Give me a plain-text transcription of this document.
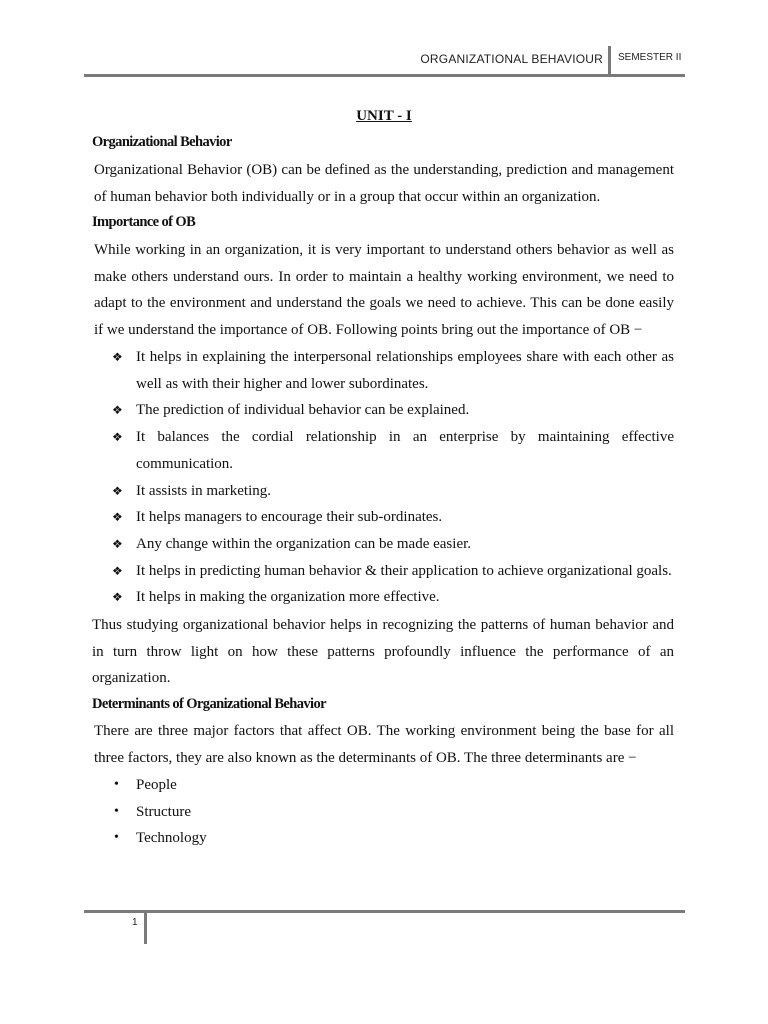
ORGANIZATIONAL BEHAVIOUR SEMESTER II
UNIT - I
Organizational Behavior
Organizational Behavior (OB) can be defined as the understanding, prediction and management of human behavior both individually or in a group that occur within an organization.
Importance of OB
While working in an organization, it is very important to understand others behavior as well as make others understand ours. In order to maintain a healthy working environment, we need to adapt to the environment and understand the goals we need to achieve. This can be done easily if we understand the importance of OB. Following points bring out the importance of OB −
❖ It helps in explaining the interpersonal relationships employees share with each other as well as with their higher and lower subordinates.
❖ The prediction of individual behavior can be explained.
❖ It balances the cordial relationship in an enterprise by maintaining effective communication.
❖ It assists in marketing.
❖ It helps managers to encourage their sub-ordinates.
❖ Any change within the organization can be made easier.
❖ It helps in predicting human behavior & their application to achieve organizational goals.
❖ It helps in making the organization more effective.
Thus studying organizational behavior helps in recognizing the patterns of human behavior and in turn throw light on how these patterns profoundly influence the performance of an organization.
Determinants of Organizational Behavior
There are three major factors that affect OB. The working environment being the base for all three factors, they are also known as the determinants of OB. The three determinants are −
• People
• Structure
• Technology
1
